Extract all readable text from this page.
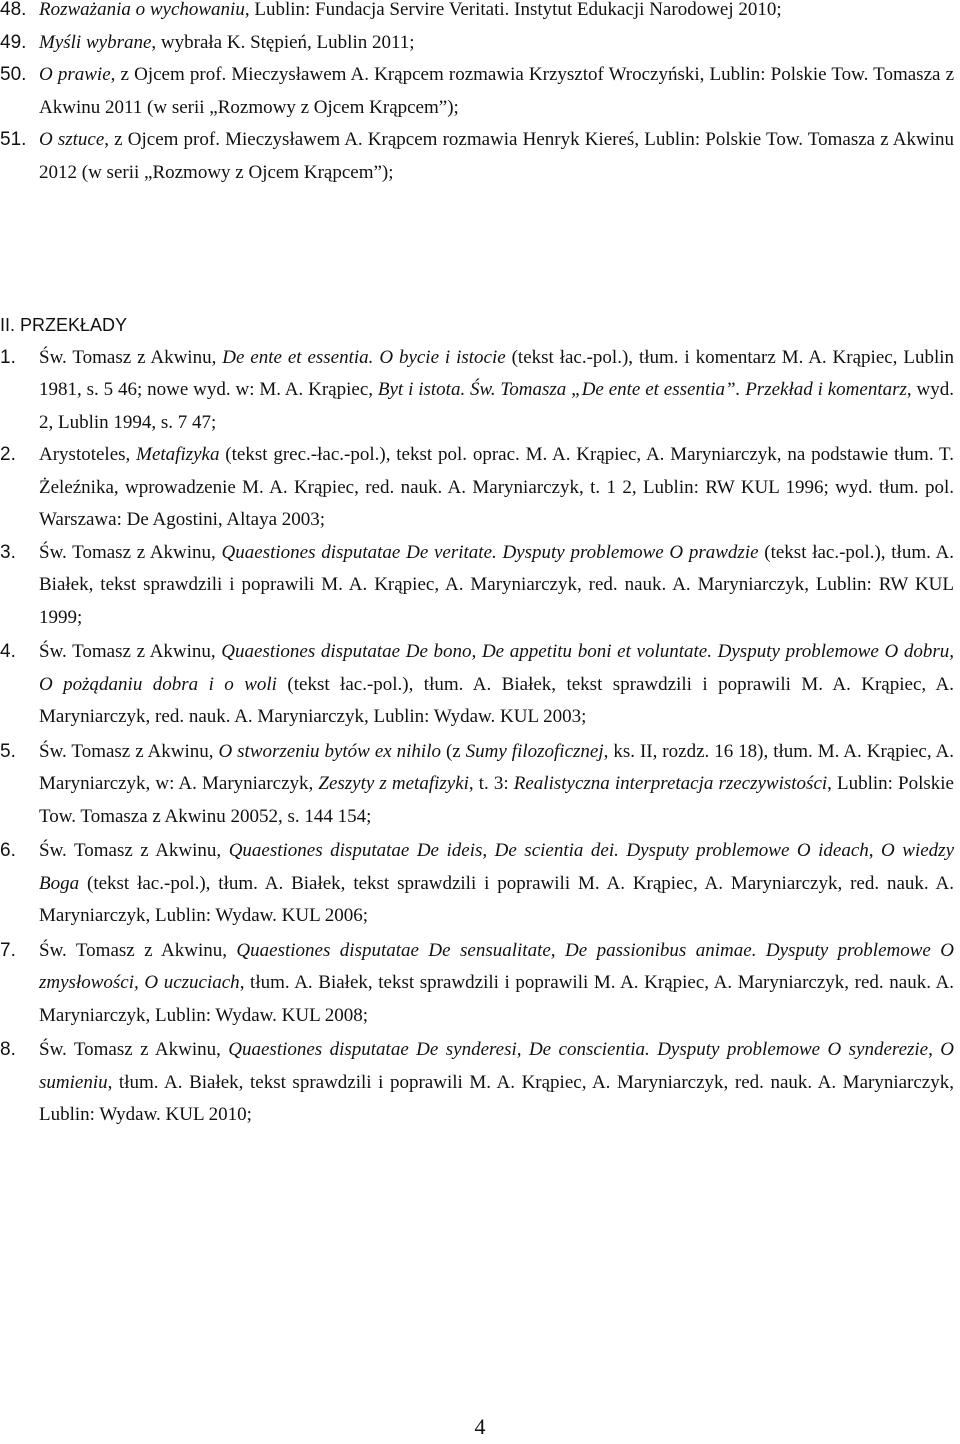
48. Rozważania o wychowaniu, Lublin: Fundacja Servire Veritati. Instytut Edukacji Narodowej 2010;
49. Myśli wybrane, wybrała K. Stępień, Lublin 2011;
50. O prawie, z Ojcem prof. Mieczysławem A. Krąpcem rozmawia Krzysztof Wroczyński, Lublin: Polskie Tow. Tomasza z Akwinu 2011 (w serii „Rozmowy z Ojcem Krąpcem”);
51. O sztuce, z Ojcem prof. Mieczysławem A. Krąpcem rozmawia Henryk Kiereś, Lublin: Polskie Tow. Tomasza z Akwinu 2012 (w serii „Rozmowy z Ojcem Krąpcem”);
II. PRZEKŁADY
1. Św. Tomasz z Akwinu, De ente et essentia. O bycie i istocie (tekst łac.-pol.), tłum. i komentarz M. A. Krąpiec, Lublin 1981, s. 5 46; nowe wyd. w: M. A. Krąpiec, Byt i istota. Św. Tomasza „De ente et essentia”. Przekład i komentarz, wyd. 2, Lublin 1994, s. 7 47;
2. Arystoteles, Metafizyka (tekst grec.-łac.-pol.), tekst pol. oprac. M. A. Krąpiec, A. Maryniarczyk, na podstawie tłum. T. Żeleźnika, wprowadzenie M. A. Krąpiec, red. nauk. A. Maryniarczyk, t. 1 2, Lublin: RW KUL 1996; wyd. tłum. pol. Warszawa: De Agostini, Altaya 2003;
3. Św. Tomasz z Akwinu, Quaestiones disputatae De veritate. Dysputy problemowe O prawdzie (tekst łac.-pol.), tłum. A. Białek, tekst sprawdzili i poprawili M. A. Krąpiec, A. Maryniarczyk, red. nauk. A. Maryniarczyk, Lublin: RW KUL 1999;
4. Św. Tomasz z Akwinu, Quaestiones disputatae De bono, De appetitu boni et voluntate. Dysputy problemowe O dobru, O pożądaniu dobra i o woli (tekst łac.-pol.), tłum. A. Białek, tekst sprawdzili i poprawili M. A. Krąpiec, A. Maryniarczyk, red. nauk. A. Maryniarczyk, Lublin: Wydaw. KUL 2003;
5. Św. Tomasz z Akwinu, O stworzeniu bytów ex nihilo (z Sumy filozoficznej, ks. II, rozdz. 16 18), tłum. M. A. Krąpiec, A. Maryniarczyk, w: A. Maryniarczyk, Zeszyty z metafizyki, t. 3: Realistyczna interpretacja rzeczywistości, Lublin: Polskie Tow. Tomasza z Akwinu 20052, s. 144 154;
6. Św. Tomasz z Akwinu, Quaestiones disputatae De ideis, De scientia dei. Dysputy problemowe O ideach, O wiedzy Boga (tekst łac.-pol.), tłum. A. Białek, tekst sprawdzili i poprawili M. A. Krąpiec, A. Maryniarczyk, red. nauk. A. Maryniarczyk, Lublin: Wydaw. KUL 2006;
7. Św. Tomasz z Akwinu, Quaestiones disputatae De sensualitate, De passionibus animae. Dysputy problemowe O zmysłowości, O uczuciach, tłum. A. Białek, tekst sprawdzili i poprawili M. A. Krąpiec, A. Maryniarczyk, red. nauk. A. Maryniarczyk, Lublin: Wydaw. KUL 2008;
8. Św. Tomasz z Akwinu, Quaestiones disputatae De synderesi, De conscientia. Dysputy problemowe O synderezie, O sumieniu, tłum. A. Białek, tekst sprawdzili i poprawili M. A. Krąpiec, A. Maryniarczyk, red. nauk. A. Maryniarczyk, Lublin: Wydaw. KUL 2010;
4
